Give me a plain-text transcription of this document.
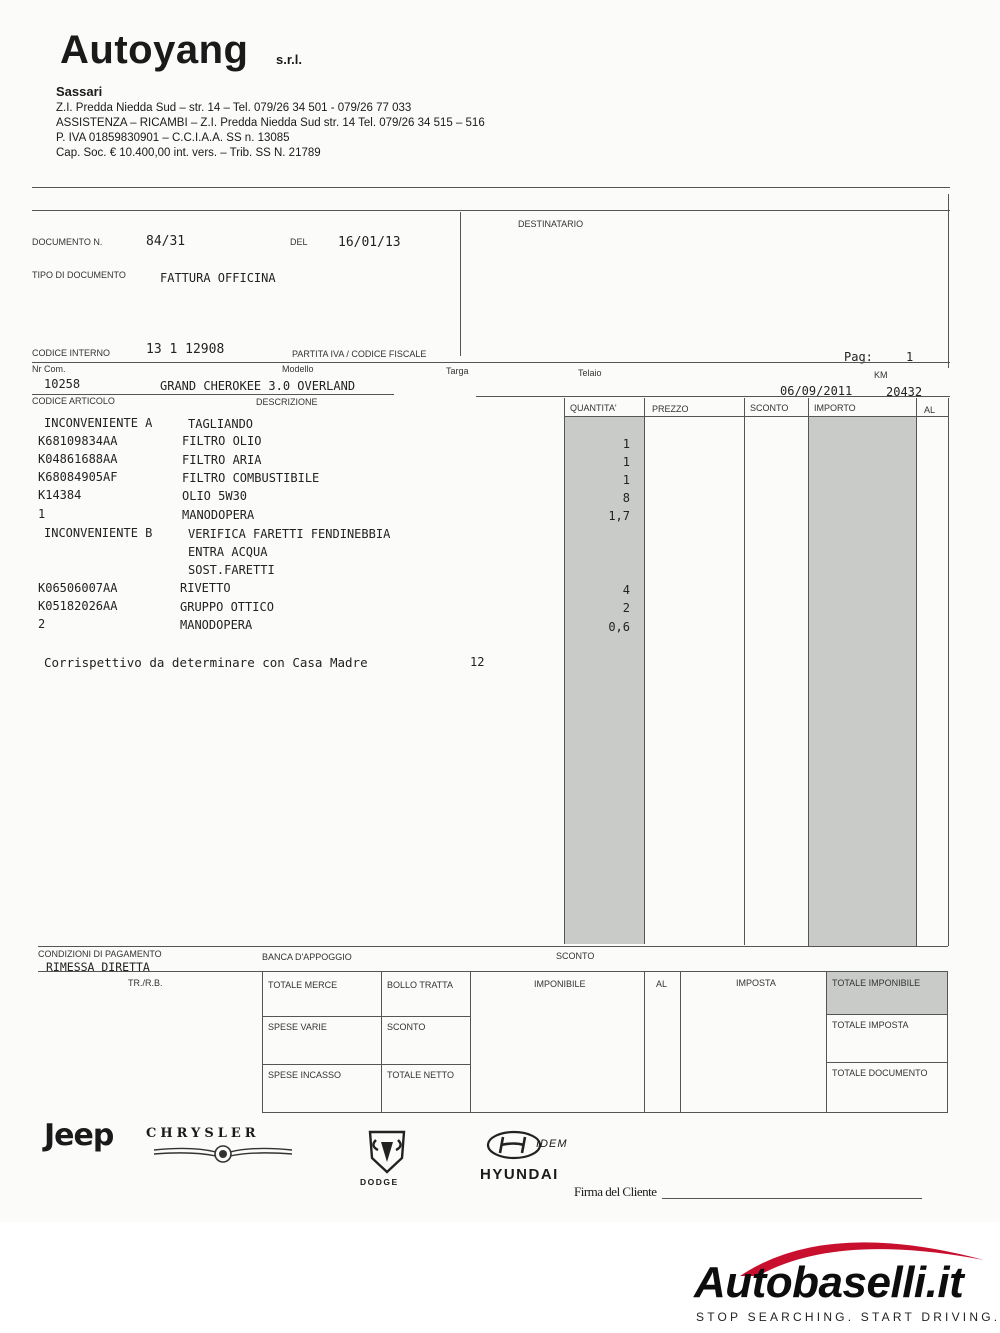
Autoyang s.r.l.
Sassari
Z.I. Predda Niedda Sud – str. 14 – Tel. 079/26 34 501 - 079/26 77 033
ASSISTENZA – RICAMBI – Z.I. Predda Niedda Sud str. 14 Tel. 079/26 34 515 – 516
P. IVA 01859830901 – C.C.I.A.A. SS n. 13085
Cap. Soc. € 10.400,00 int. vers. – Trib. SS N. 21789
DESTINATARIO
DOCUMENTO N.	84/31	DEL 16/01/13
TIPO DI DOCUMENTO	FATTURA OFFICINA
CODICE INTERNO	13 1 12908	PARTITA IVA / CODICE FISCALE	Pag:	1
Nr Com.	Modello	Targa	Telaio	KM
10258	GRAND CHEROKEE 3.0 OVERLAND	06/09/2011	20432
CODICE ARTICOLO	DESCRIZIONE
QUANTITA'	PREZZO	SCONTO	IMPORTO	AL
INCONVENIENTE A	TAGLIANDO
K68109834AA	FILTRO OLIO	1
K04861688AA	FILTRO ARIA	1
K68084905AF	FILTRO COMBUSTIBILE	1
K14384	OLIO 5W30	8
1	MANODOPERA	1,7
INCONVENIENTE B	VERIFICA FARETTI FENDINEBBIA
ENTRA ACQUA
SOST.FARETTI
K06506007AA	RIVETTO	4
K05182026AA	GRUPPO OTTICO	2
2	MANODOPERA	0,6
Corrispettivo da determinare con Casa Madre	12
CONDIZIONI DI PAGAMENTO
RIMESSA DIRETTA
BANCA D'APPOGGIO	SCONTO
TR./R.B.	TOTALE MERCE	BOLLO TRATTA	IMPONIBILE	AL	IMPOSTA	TOTALE IMPONIBILE
SPESE VARIE	SCONTO	TOTALE IMPOSTA
SPESE INCASSO	TOTALE NETTO	TOTALE DOCUMENTO
Jeep	CHRYSLER
DODGE
IDEM
HYUNDAI
Firma del Cliente
Autobaselli.it
STOP SEARCHING. START DRIVING.
